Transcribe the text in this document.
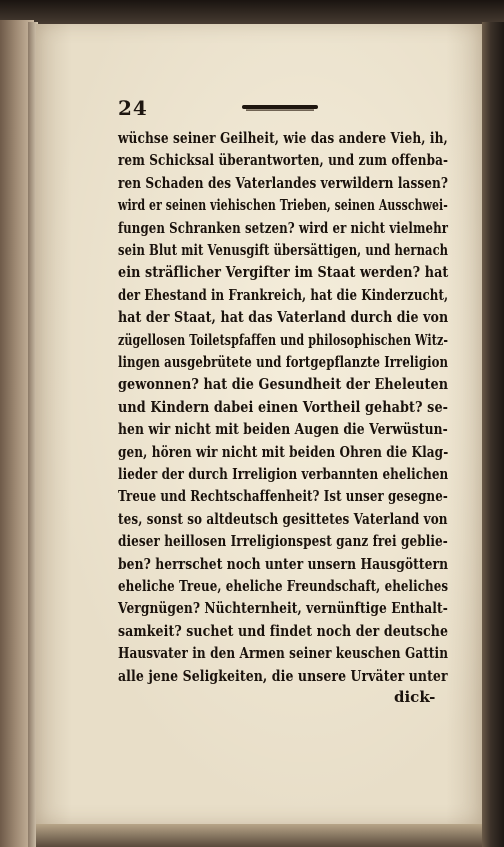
24
wüchse seiner Geilheit, wie das andere Vieh, ih,
rem Schicksal überantworten, und zum offenba-
ren Schaden des Vaterlandes verwildern lassen?
wird er seinen viehischen Trieben, seinen Ausschwei-
fungen Schranken setzen? wird er nicht vielmehr
sein Blut mit Venusgift übersättigen, und hernach
ein sträflicher Vergifter im Staat werden? hat
der Ehestand in Frankreich, hat die Kinderzucht,
hat der Staat, hat das Vaterland durch die von
zügellosen Toiletspfaffen und philosophischen Witz-
lingen ausgebrütete und fortgepflanzte Irreligion
gewonnen? hat die Gesundheit der Eheleuten
und Kindern dabei einen Vortheil gehabt? se-
hen wir nicht mit beiden Augen die Verwüstun-
gen, hören wir nicht mit beiden Ohren die Klag-
lieder der durch Irreligion verbannten ehelichen
Treue und Rechtschaffenheit? Ist unser gesegne-
tes, sonst so altdeutsch gesittetes Vaterland von
dieser heillosen Irreligionspest ganz frei geblie-
ben? herrschet noch unter unsern Hausgöttern
eheliche Treue, eheliche Freundschaft, eheliches
Vergnügen? Nüchternheit, vernünftige Enthalt-
samkeit? suchet und findet noch der deutsche
Hausvater in den Armen seiner keuschen Gattin
alle jene Seligkeiten, die unsere Urväter unter
dick-
